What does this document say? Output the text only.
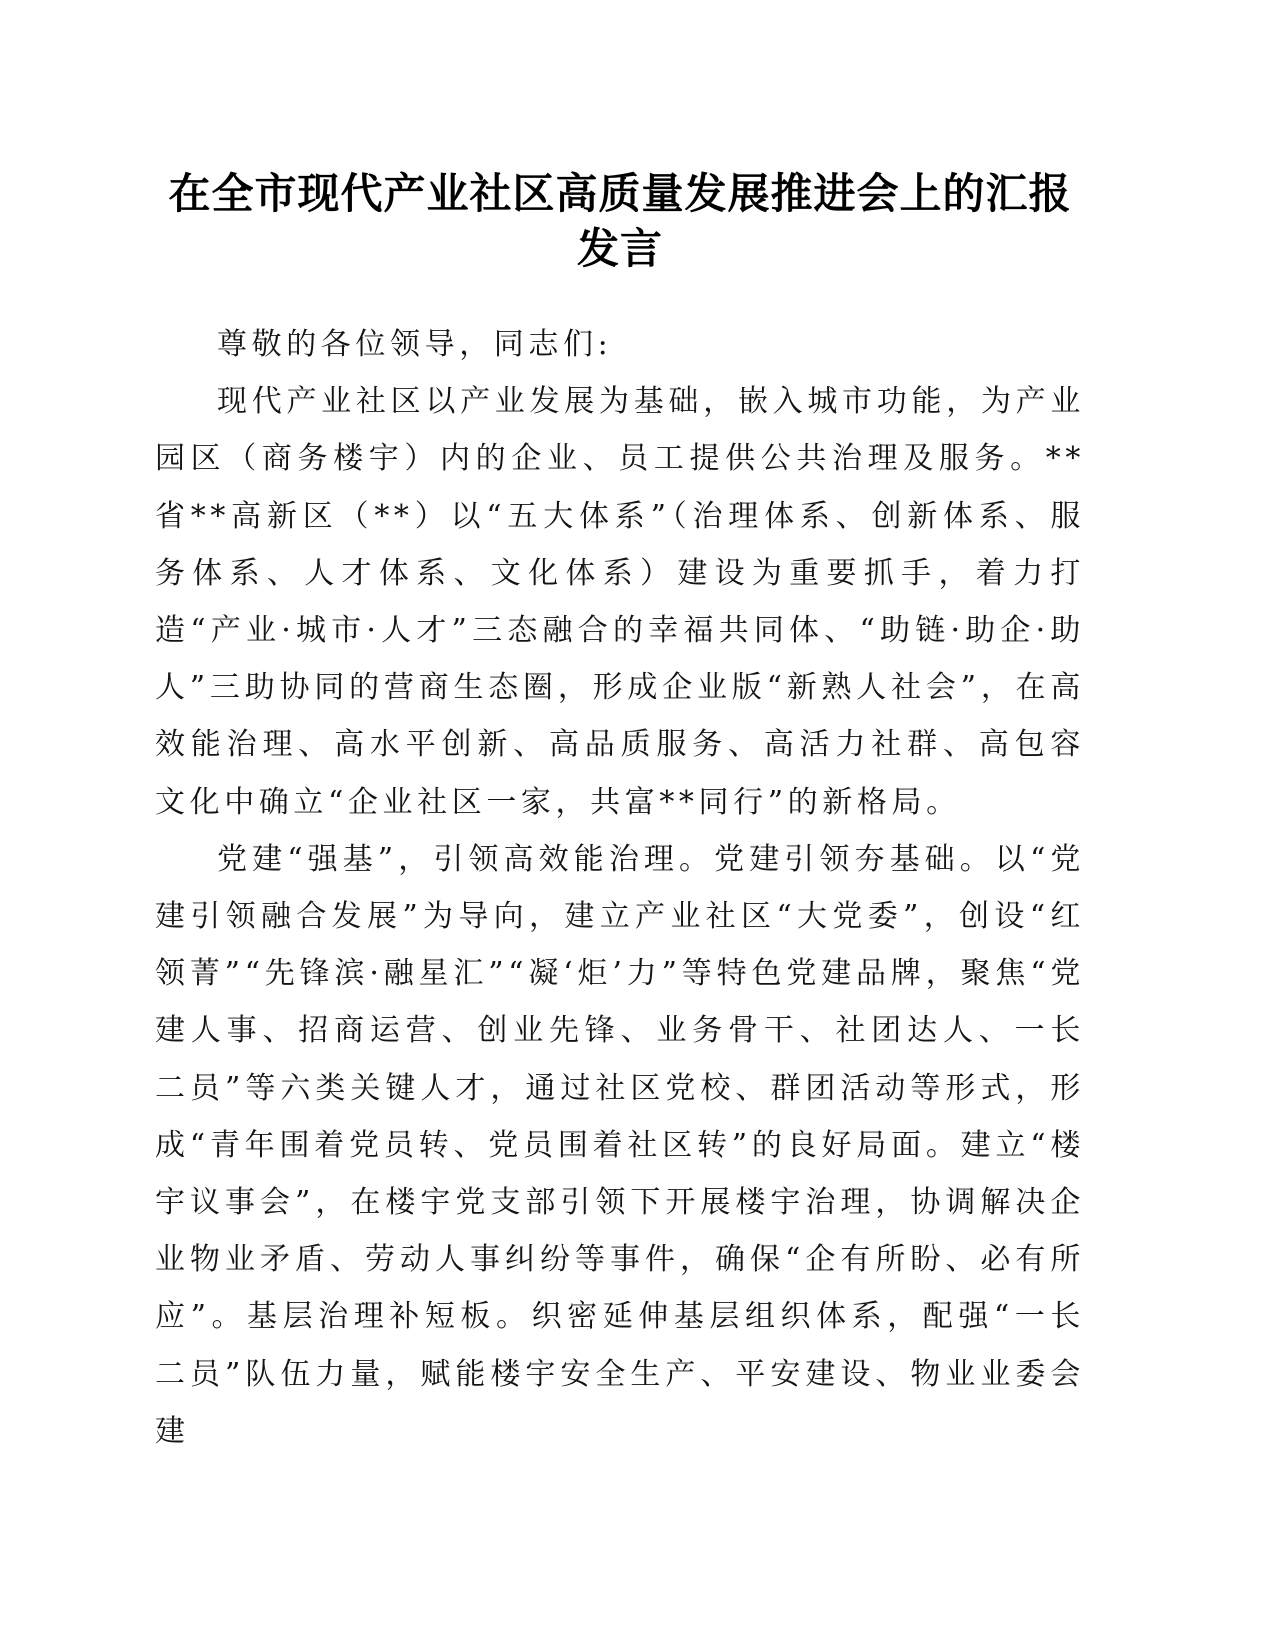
在全市现代产业社区高质量发展推进会上的汇报发言

尊敬的各位领导，同志们:

现代产业社区以产业发展为基础，嵌入城市功能，为产业园区（商务楼宇）内的企业、员工提供公共治理及服务。**省**高新区（**）以“五大体系”（治理体系、创新体系、服务体系、人才体系、文化体系）建设为重要抓手，着力打造“产业·城市·人才”三态融合的幸福共同体、“助链·助企·助人”三助协同的营商生态圈，形成企业版“新熟人社会”，在高效能治理、高水平创新、高品质服务、高活力社群、高包容文化中确立“企业社区一家，共富**同行”的新格局。

党建“强基”，引领高效能治理。党建引领夯基础。以“党建引领融合发展”为导向，建立产业社区“大党委”，创设“红领菁”“先锋滨·融星汇”“凝‘炬’力”等特色党建品牌，聚焦“党建人事、招商运营、创业先锋、业务骨干、社团达人、一长二员”等六类关键人才，通过社区党校、群团活动等形式，形成“青年围着党员转、党员围着社区转”的良好局面。建立“楼宇议事会”，在楼宇党支部引领下开展楼宇治理，协调解决企业物业矛盾、劳动人事纠纷等事件，确保“企有所盼、必有所应”。基层治理补短板。织密延伸基层组织体系，配强“一长二员”队伍力量，赋能楼宇安全生产、平安建设、物业业委会建
